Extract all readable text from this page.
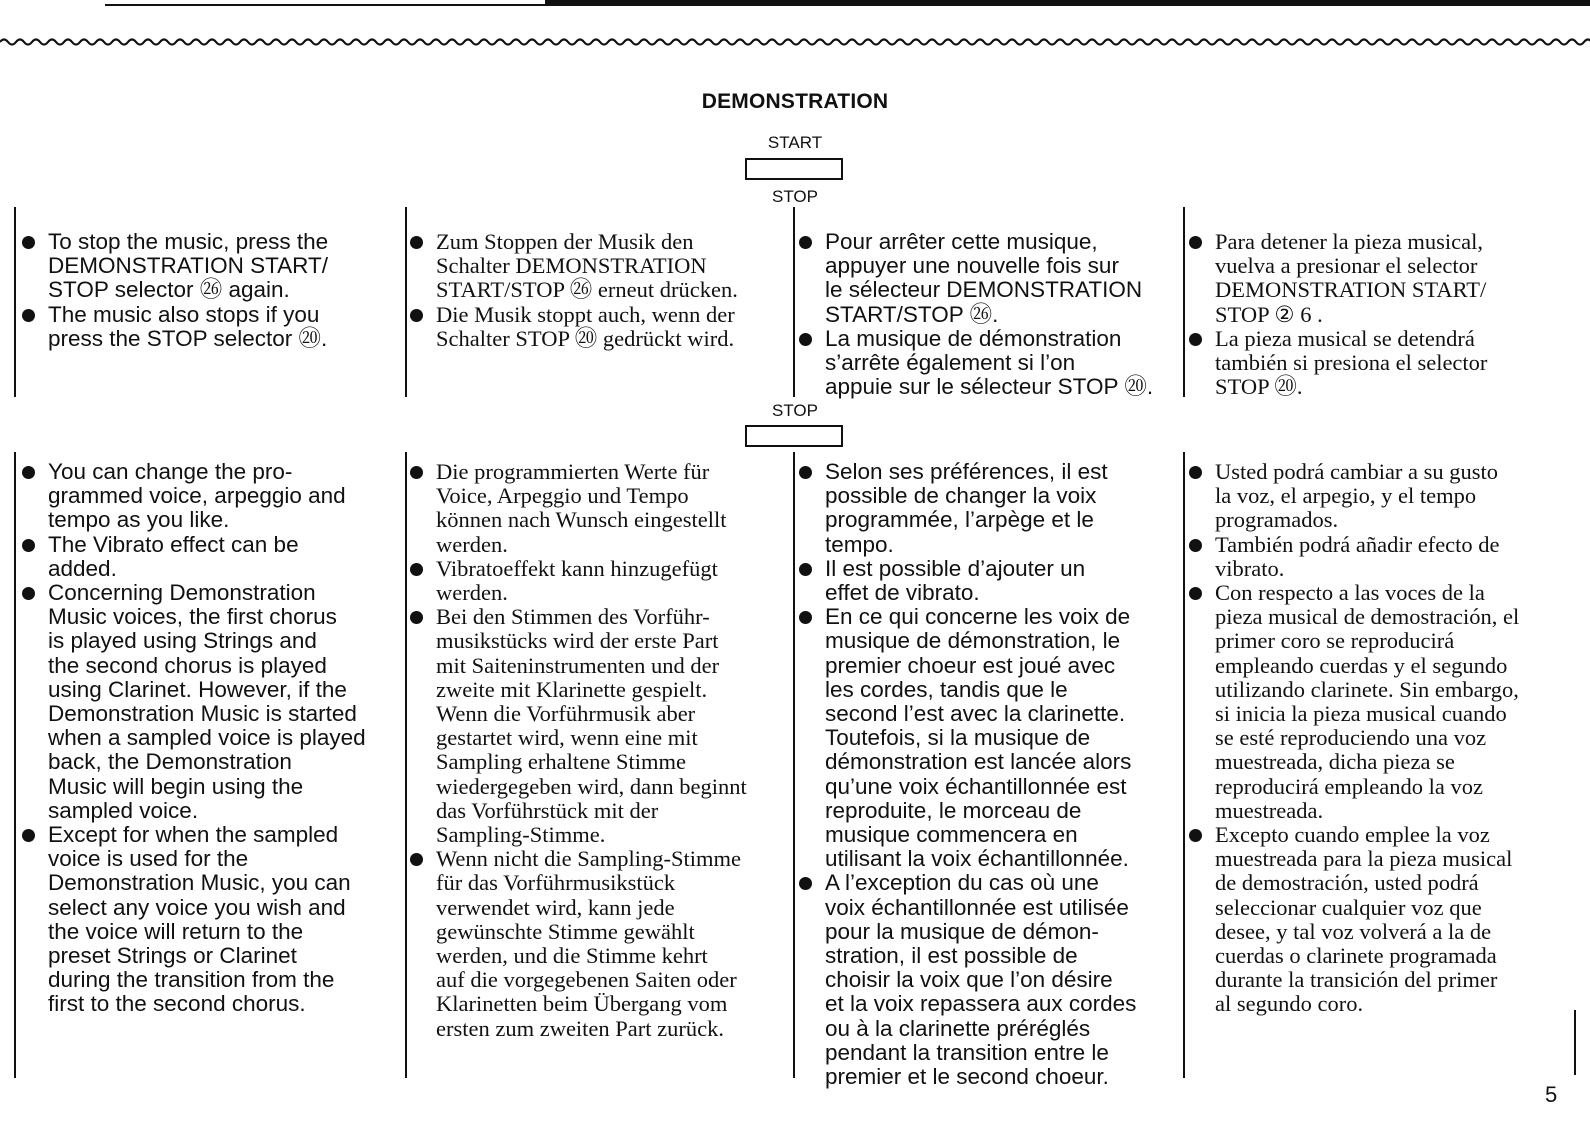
DEMONSTRATION
START
STOP
To stop the music, press the
DEMONSTRATION START/
STOP selector ㉖ again.
The music also stops if you
press the STOP selector ⑳.
Zum Stoppen der Musik den
Schalter DEMONSTRATION
START/STOP ㉖ erneut drücken.
Die Musik stoppt auch, wenn der
Schalter STOP ⑳ gedrückt wird.
Pour arrêter cette musique,
appuyer une nouvelle fois sur
le sélecteur DEMONSTRATION
START/STOP ㉖.
La musique de démonstration
s’arrête également si l’on
appuie sur le sélecteur STOP ⑳.
Para detener la pieza musical,
vuelva a presionar el selector
DEMONSTRATION START/
STOP ② 6 .
La pieza musical se detendrá
también si presiona el selector
STOP ⑳.
STOP
You can change the pro-
grammed voice, arpeggio and
tempo as you like.
The Vibrato effect can be
added.
Concerning Demonstration
Music voices, the first chorus
is played using Strings and
the second chorus is played
using Clarinet. However, if the
Demonstration Music is started
when a sampled voice is played
back, the Demonstration
Music will begin using the
sampled voice.
Except for when the sampled
voice is used for the
Demonstration Music, you can
select any voice you wish and
the voice will return to the
preset Strings or Clarinet
during the transition from the
first to the second chorus.
Die programmierten Werte für
Voice, Arpeggio und Tempo
können nach Wunsch eingestellt
werden.
Vibratoeffekt kann hinzugefügt
werden.
Bei den Stimmen des Vorführ-
musikstücks wird der erste Part
mit Saiteninstrumenten und der
zweite mit Klarinette gespielt.
Wenn die Vorführmusik aber
gestartet wird, wenn eine mit
Sampling erhaltene Stimme
wiedergegeben wird, dann beginnt
das Vorführstück mit der
Sampling-Stimme.
Wenn nicht die Sampling-Stimme
für das Vorführmusikstück
verwendet wird, kann jede
gewünschte Stimme gewählt
werden, und die Stimme kehrt
auf die vorgegebenen Saiten oder
Klarinetten beim Übergang vom
ersten zum zweiten Part zurück.
Selon ses préférences, il est
possible de changer la voix
programmée, l’arpège et le
tempo.
Il est possible d’ajouter un
effet de vibrato.
En ce qui concerne les voix de
musique de démonstration, le
premier choeur est joué avec
les cordes, tandis que le
second l’est avec la clarinette.
Toutefois, si la musique de
démonstration est lancée alors
qu’une voix échantillonnée est
reproduite, le morceau de
musique commencera en
utilisant la voix échantillonnée.
A l’exception du cas où une
voix échantillonnée est utilisée
pour la musique de démon-
stration, il est possible de
choisir la voix que l’on désire
et la voix repassera aux cordes
ou à la clarinette préréglés
pendant la transition entre le
premier et le second choeur.
Usted podrá cambiar a su gusto
la voz, el arpegio, y el tempo
programados.
También podrá añadir efecto de
vibrato.
Con respecto a las voces de la
pieza musical de demostración, el
primer coro se reproducirá
empleando cuerdas y el segundo
utilizando clarinete. Sin embargo,
si inicia la pieza musical cuando
se esté reproduciendo una voz
muestreada, dicha pieza se
reproducirá empleando la voz
muestreada.
Excepto cuando emplee la voz
muestreada para la pieza musical
de demostración, usted podrá
seleccionar cualquier voz que
desee, y tal voz volverá a la de
cuerdas o clarinete programada
durante la transición del primer
al segundo coro.
5
